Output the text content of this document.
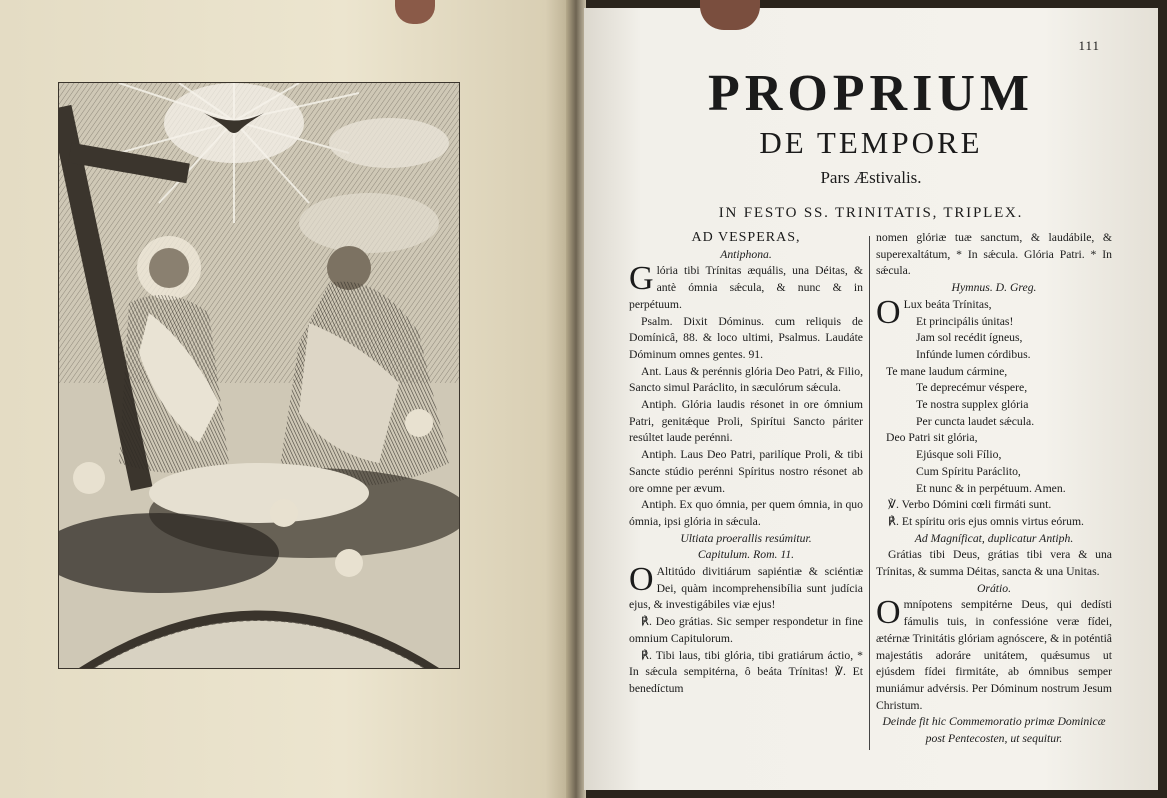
111
PROPRIUM
DE TEMPORE
Pars Æstivalis.
IN FESTO SS. TRINITATIS, TRIPLEX.

AD VESPERAS,

Antiphona.

Glória tibi Trínitas æquális, una Déitas, & antè ómnia sǽcula, & nunc & in perpétuum.

Psalm. Dixit Dóminus. cum reliquis de Domínicâ, 88. & loco ultimi, Psalmus. Laudáte Dóminum omnes gentes. 91.

Ant. Laus & perénnis glória Deo Patri, & Filio, Sancto simul Paráclito, in sæculórum sǽcula.

Antiph. Glória laudis résonet in ore ómnium Patri, genitǽque Proli, Spirítui Sancto páriter resúltet laude perénni.

Antiph. Laus Deo Patri, parilíque Proli, & tibi Sancte stúdio perénni Spíritus nostro résonet ab ore omne per ævum.

Antiph. Ex quo ómnia, per quem ómnia, in quo ómnia, ipsi glória in sǽcula.

Ultiata proerallis resúmitur.

Capitulum. Rom. 11.

OAltitúdo divitiárum sapiéntiæ & sciéntiæ Dei, quàm incomprehensibília sunt judícia ejus, & investigábiles viæ ejus!

℟. Deo grátias. Sic semper respondetur in fine omnium Capitulorum.

℟. Tibi laus, tibi glória, tibi gratiárum áctio, * In sǽcula sempitérna, ô beáta Trínitas! ℣. Et benedíctum

nomen glóriæ tuæ sanctum, & laudábile, & superexaltátum, * In sǽcula. Glória Patri. * In sǽcula.

Hymnus. D. Greg.

OLux beáta Trínitas,

Et principális únitas!

Jam sol recédit ígneus,

Infúnde lumen córdibus.

Te mane laudum cármine,

Te deprecémur véspere,

Te nostra supplex glória

Per cuncta laudet sǽcula.

Deo Patri sit glória,

Ejúsque soli Fílio,

Cum Spíritu Paráclito,

Et nunc & in perpétuum. Amen.

℣. Verbo Dómini cœli firmáti sunt.

℟. Et spíritu oris ejus omnis virtus eórum.

Ad Magníficat, duplicatur Antiph.

Grátias tibi Deus, grátias tibi vera & una Trínitas, & summa Déitas, sancta & una Unitas.

Orátio.

Omnípotens sempitérne Deus, qui dedísti fámulis tuis, in confessióne veræ fídei, ætérnæ Trinitátis glóriam agnóscere, & in poténtiâ majestátis adoráre unitátem, quǽsumus ut ejúsdem fídei firmitáte, ab ómnibus semper muniámur advérsis. Per Dóminum nostrum Jesum Christum.

Deinde fit hic Commemoratio primæ Dominicæ post Pentecosten, ut sequitur.
